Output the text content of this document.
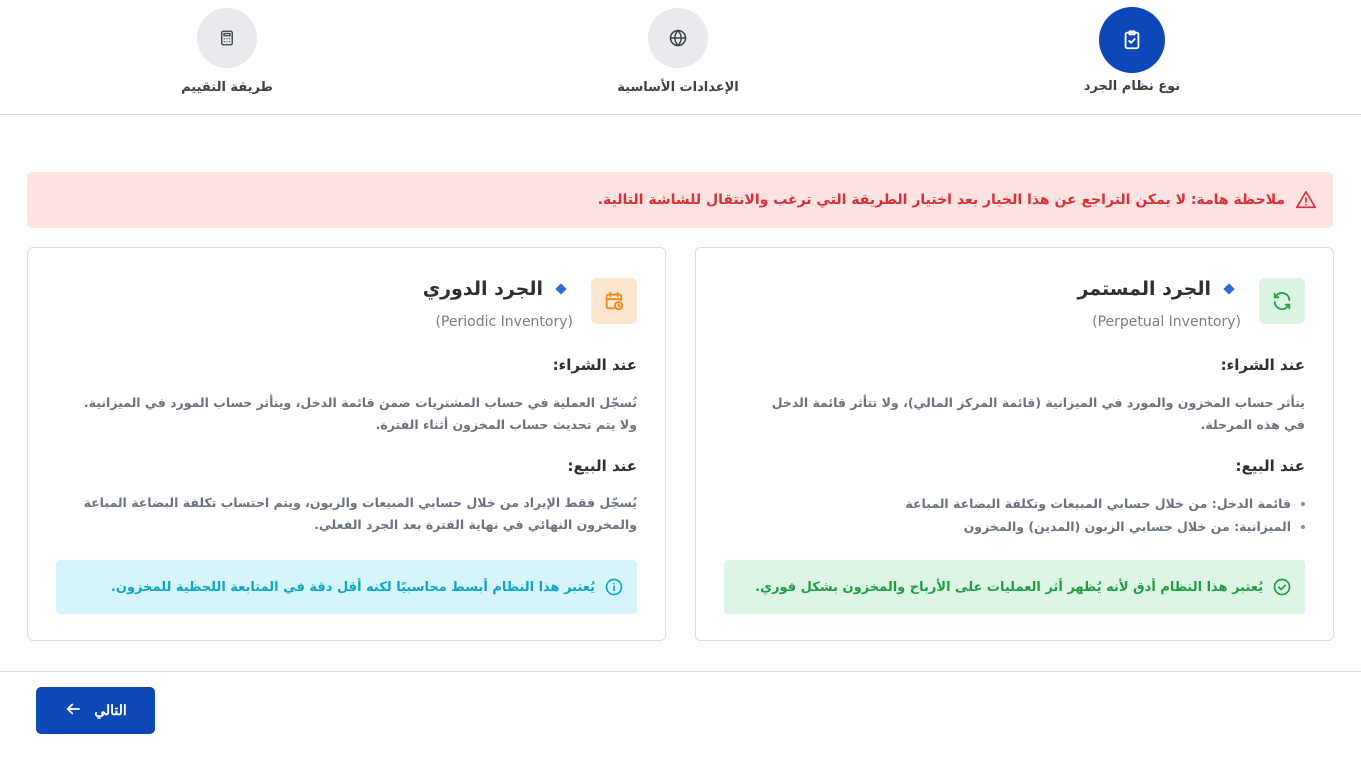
نوع نظام الجرد
الإعدادات الأساسية
طريقة التقييم
ملاحظة هامة: لا يمكن التراجع عن هذا الخيار بعد اختيار الطريقة التي ترغب والانتقال للشاشة التالية.
الجرد المستمر
(Perpetual Inventory)
عند الشراء:
يتأثر حساب المخزون والمورد في الميزانية (قائمة المركز المالي)، ولا تتأثر قائمة الدخل في هذه المرحلة.
عند البيع:
قائمة الدخل: من خلال حسابي المبيعات وتكلفة البضاعة المباعة
الميزانية: من خلال حسابي الزبون (المدين) والمخزون
يُعتبر هذا النظام أدق لأنه يُظهر أثر العمليات على الأرباح والمخزون بشكل فوري.
الجرد الدوري
(Periodic Inventory)
عند الشراء:
تُسجّل العملية في حساب المشتريات ضمن قائمة الدخل، ويتأثر حساب المورد في الميزانية. ولا يتم تحديث حساب المخزون أثناء الفترة.
عند البيع:
يُسجّل فقط الإيراد من خلال حسابي المبيعات والزبون، ويتم احتساب تكلفة البضاعة المباعة والمخزون النهائي في نهاية الفترة بعد الجرد الفعلي.
يُعتبر هذا النظام أبسط محاسبيًا لكنه أقل دقة في المتابعة اللحظية للمخزون.
التالي
